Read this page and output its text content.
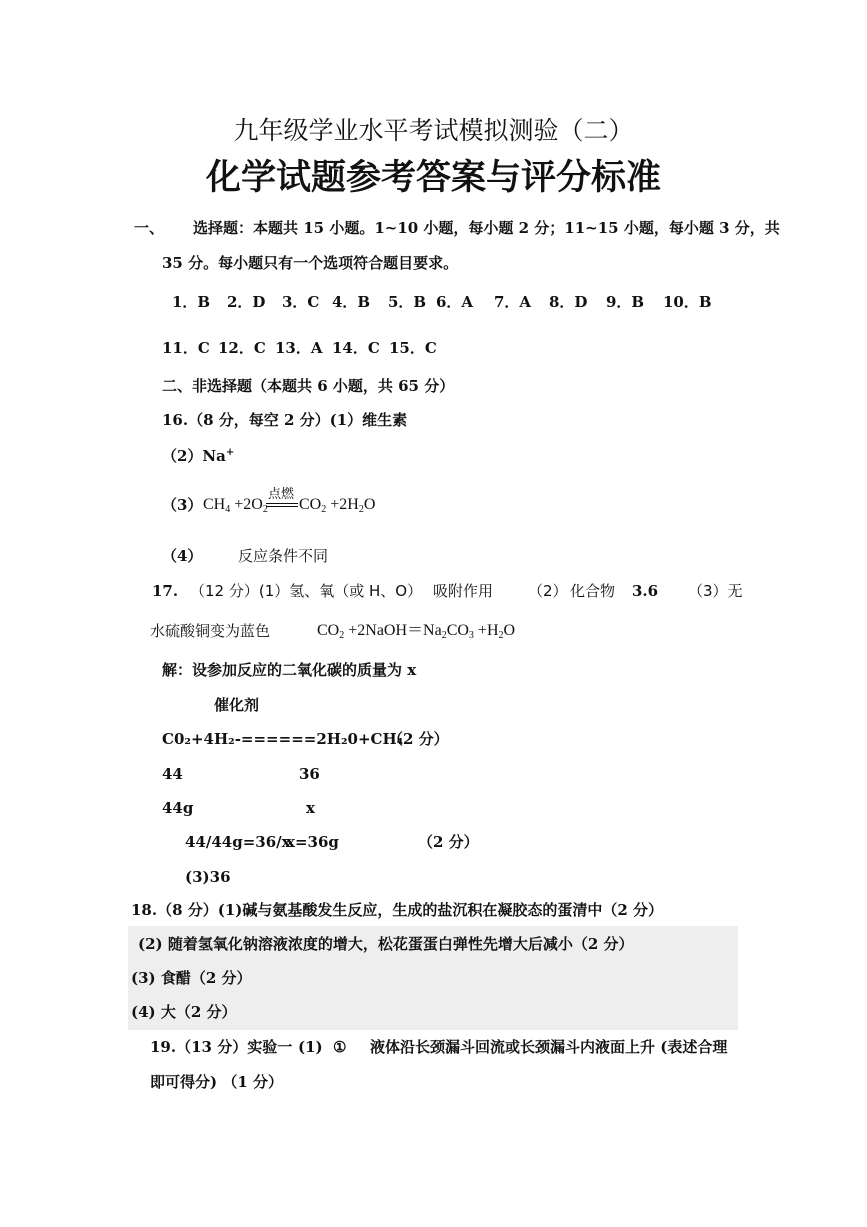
九年级学业水平考试模拟测验（二）
化学试题参考答案与评分标准
一、 选择题：本题共 15 小题。1~10 小题，每小题 2 分；11~15 小题，每小题 3 分，共
35 分。每小题只有一个选项符合题目要求。
1．B 2．D 3．C 4．B 5．B 6．A 7．A 8．D 9．B 10．B
11．C 12．C 13．A 14．C 15．C
二、非选择题（本题共 6 小题，共 65 分）
16.（8 分，每空 2 分）(1）维生素
（2）Na+
（3） $CH_4 +2O_2$
点燃
$CO_2 +2H_2O$
（4） 反应条件不同
17. （12 分）(1）氢、氧（或 H、O） 吸附作用 （2） 化合物 3.6 （3）无
水硫酸铜变为蓝色	$CO_2$ $+2NaOH=Na_2CO_3 +H_2O$
解：设参加反应的二氧化碳的质量为 x
催化剂
C0₂+4H₂-======2H₂0+CH₄
（2 分）
44	36
44g	x
44/44g=36/x
x=36g	（2 分）
(3)36
18.（8 分）(1)碱与氨基酸发生反应，生成的盐沉积在凝胶态的蛋清中（2 分）
(2) 随着氢氧化钠溶液浓度的增大，松花蛋蛋白弹性先增大后减小（2 分）
(3) 食醋（2 分）
(4) 大（2 分）
19.（13 分）实验一 (1) ① 液体沿长颈漏斗回流或长颈漏斗内液面上升 (表述合理
即可得分) （1 分）
